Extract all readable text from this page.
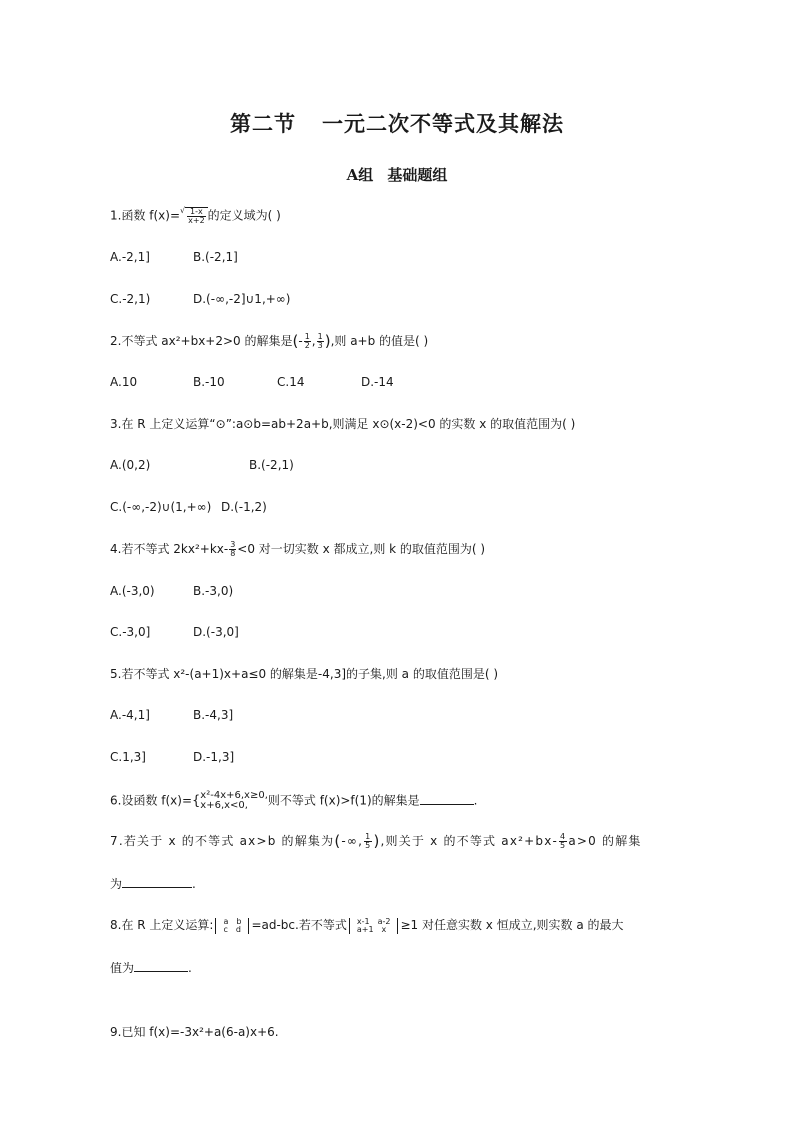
第二节 一元二次不等式及其解法
A组 基础题组
1.函数 $f(x)=√ \frac{1-x}{x+2}$ 的定义域为( )
A.-2,1]	B.(-2,1]
C.-2,1)	D.(-∞,-2]∪1,+∞)
2.不等式 ax²+bx+2>0 的解集是(- $\frac{1}{2}$ , $\frac{1}{3}$ ),则 a+b 的值是( )
A.10	B.-10	C.14	D.-14
3.在 R 上定义运算“⊙”:a⊙b=ab+2a+b,则满足 x⊙(x-2)<0 的实数 x 的取值范围为( )
A.(0,2)	B.(-2,1)
C.(-∞,-2)∪(1,+∞) D.(-1,2)
4.若不等式 $2kx^2+kx- \frac{3}{8} <0$ 对一切实数 x 都成立,则 k 的取值范围为( )
A.(-3,0)	B.-3,0)
C.-3,0]	D.(-3,0]
5.若不等式 x²-(a+1)x+a≤0 的解集是-4,3]的子集,则 a 的取值范围是( )
A.-4,1]	B.-4,3]
C.1,3]	D.-1,3]
6.设函数 f(x)={ x²-4x+6,x≥0,
x+6,x<0,	则不等式 f(x)>f(1)的解集是	.
7.若关于 x 的不等式 ax>b 的解集为(-∞, $\frac{1}{5}$ ),则关于 x 的不等式 $ax^2+bx- \frac{4}{5} a>0$ 的解集
为	.
8.在 R 上定义运算:	a b
c d =ad-bc.若不等式	x-1 a-2
a+1 x	≥1 对任意实数 x 恒成立,则实数 a 的最大
值为	.
9.已知 f(x)=-3x²+a(6-a)x+6.
